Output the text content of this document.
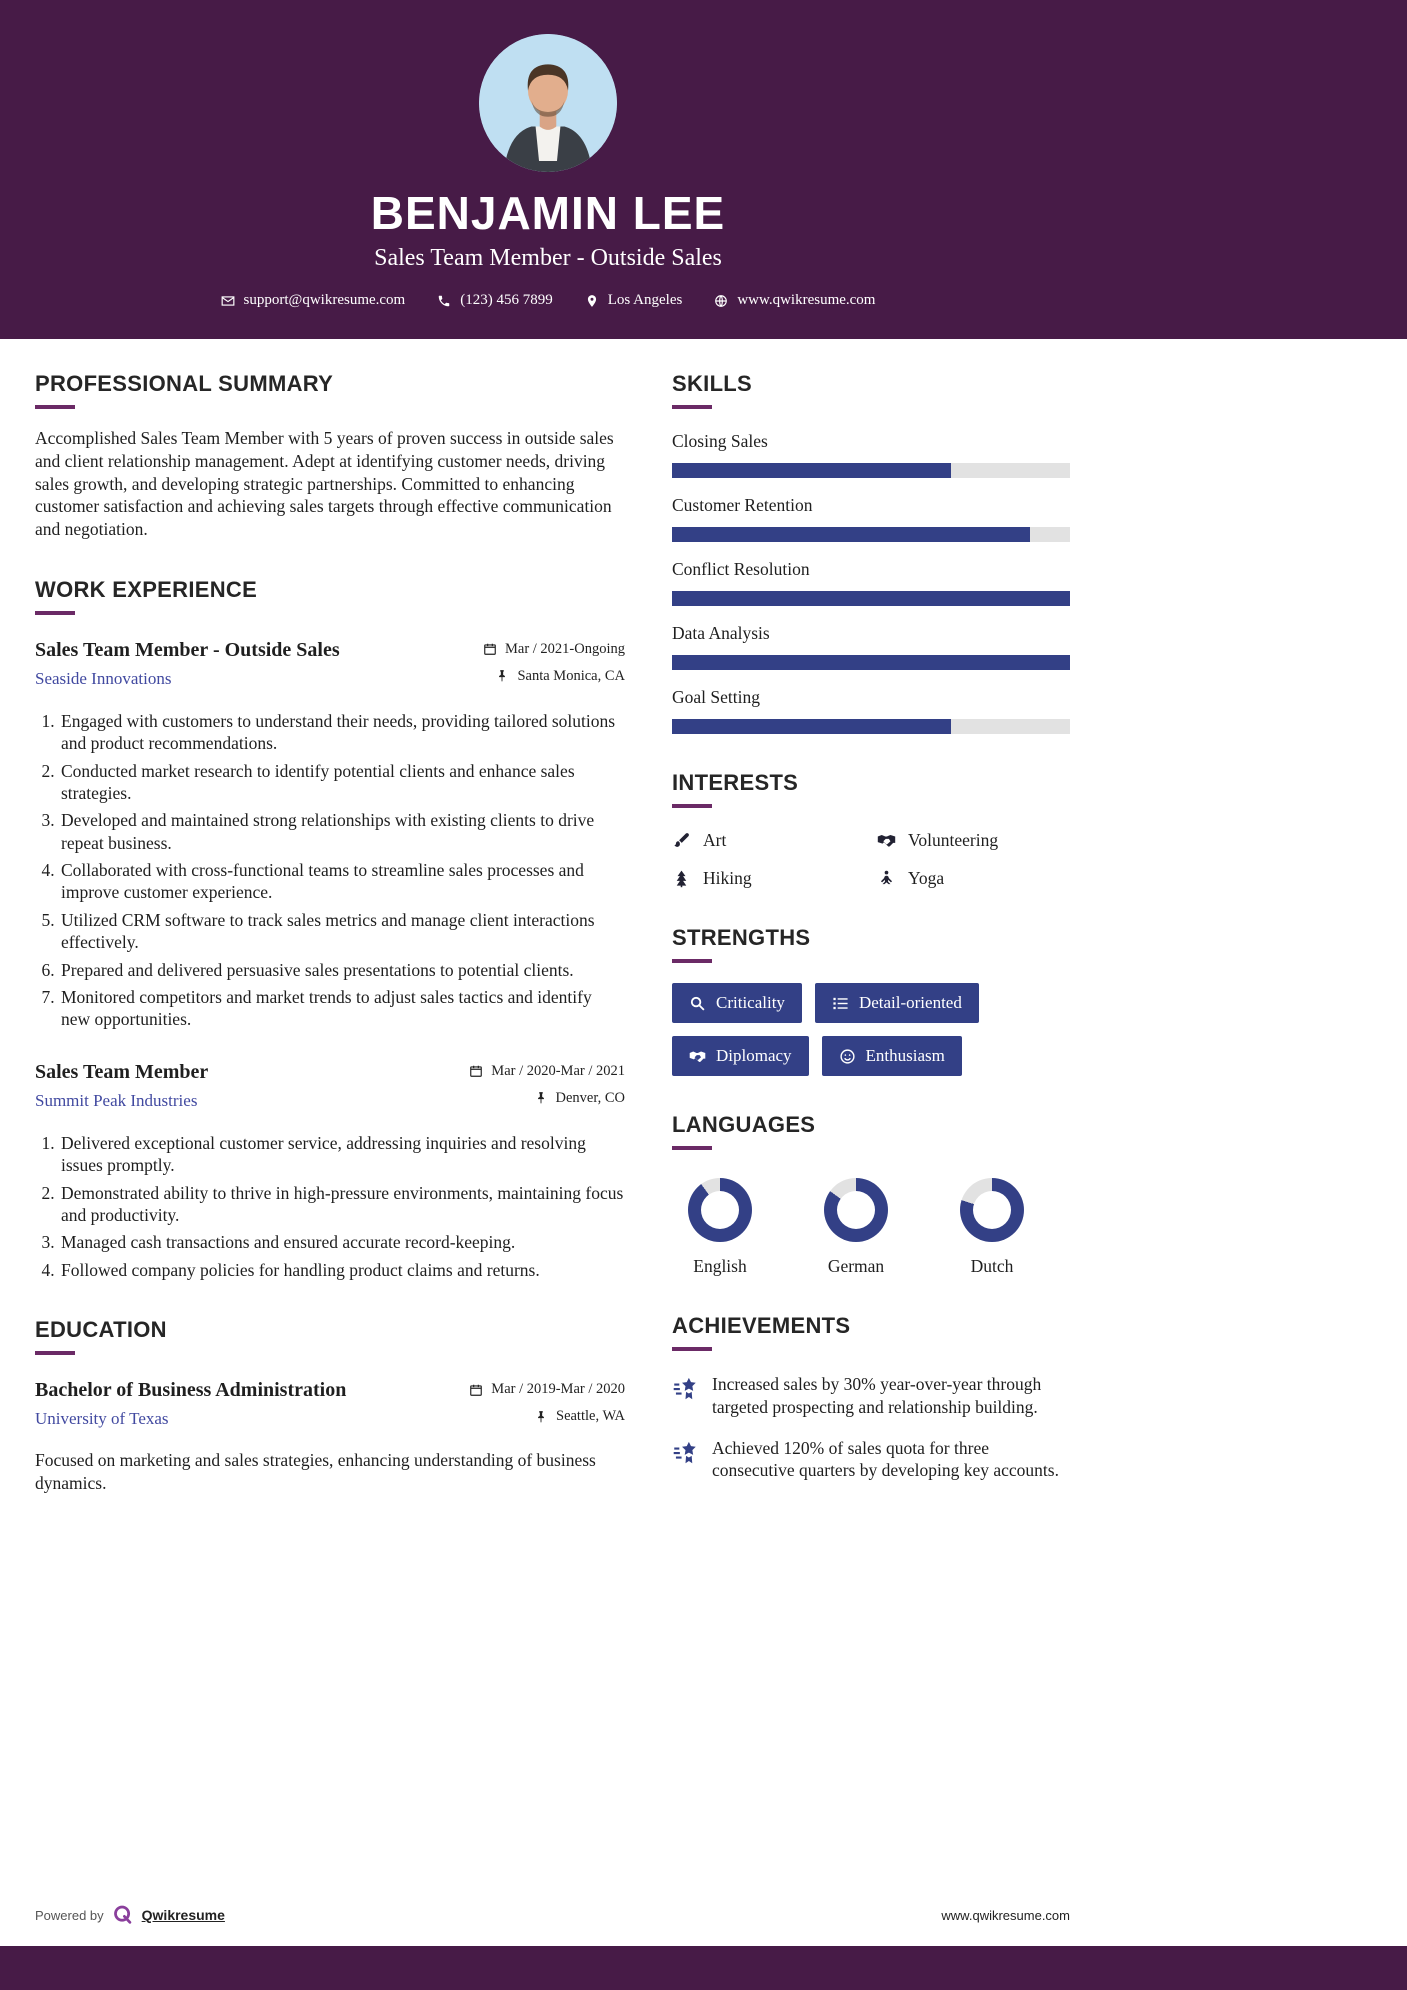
BENJAMIN LEE
Sales Team Member - Outside Sales
support@qwikresume.com	(123) 456 7899	Los Angeles	www.qwikresume.com
PROFESSIONAL SUMMARY

Accomplished Sales Team Member with 5 years of proven success in outside sales and client relationship management. Adept at identifying customer needs, driving sales growth, and developing strategic partnerships. Committed to enhancing customer satisfaction and achieving sales targets through effective communication and negotiation.

WORK EXPERIENCE
Sales Team Member - Outside Sales
Seaside Innovations
Mar / 2021-Ongoing
Santa Monica, CA
1. Engaged with customers to understand their needs, providing tailored solutions and product recommendations.
2. Conducted market research to identify potential clients and enhance sales strategies.
3. Developed and maintained strong relationships with existing clients to drive repeat business.
4. Collaborated with cross-functional teams to streamline sales processes and improve customer experience.
5. Utilized CRM software to track sales metrics and manage client interactions effectively.
6. Prepared and delivered persuasive sales presentations to potential clients.
7. Monitored competitors and market trends to adjust sales tactics and identify new opportunities.
Sales Team Member
Summit Peak Industries
Mar / 2020-Mar / 2021
Denver, CO
1. Delivered exceptional customer service, addressing inquiries and resolving issues promptly.
2. Demonstrated ability to thrive in high-pressure environments, maintaining focus and productivity.
3. Managed cash transactions and ensured accurate record-keeping.
4. Followed company policies for handling product claims and returns.
EDUCATION
Bachelor of Business Administration
University of Texas
Mar / 2019-Mar / 2020
Seattle, WA

Focused on marketing and sales strategies, enhancing understanding of business dynamics.

SKILLS
Closing Sales
Customer Retention
Conflict Resolution
Data Analysis
Goal Setting
INTERESTS
Art	Volunteering
Hiking	Yoga
STRENGTHS
Criticality	Detail-oriented
Diplomacy	Enthusiasm
LANGUAGES
English	German	Dutch
ACHIEVEMENTS
Increased sales by 30% year-over-year through targeted prospecting and relationship building.
Achieved 120% of sales quota for three consecutive quarters by developing key accounts.
Powered by	Qwikresume	www.qwikresume.com
